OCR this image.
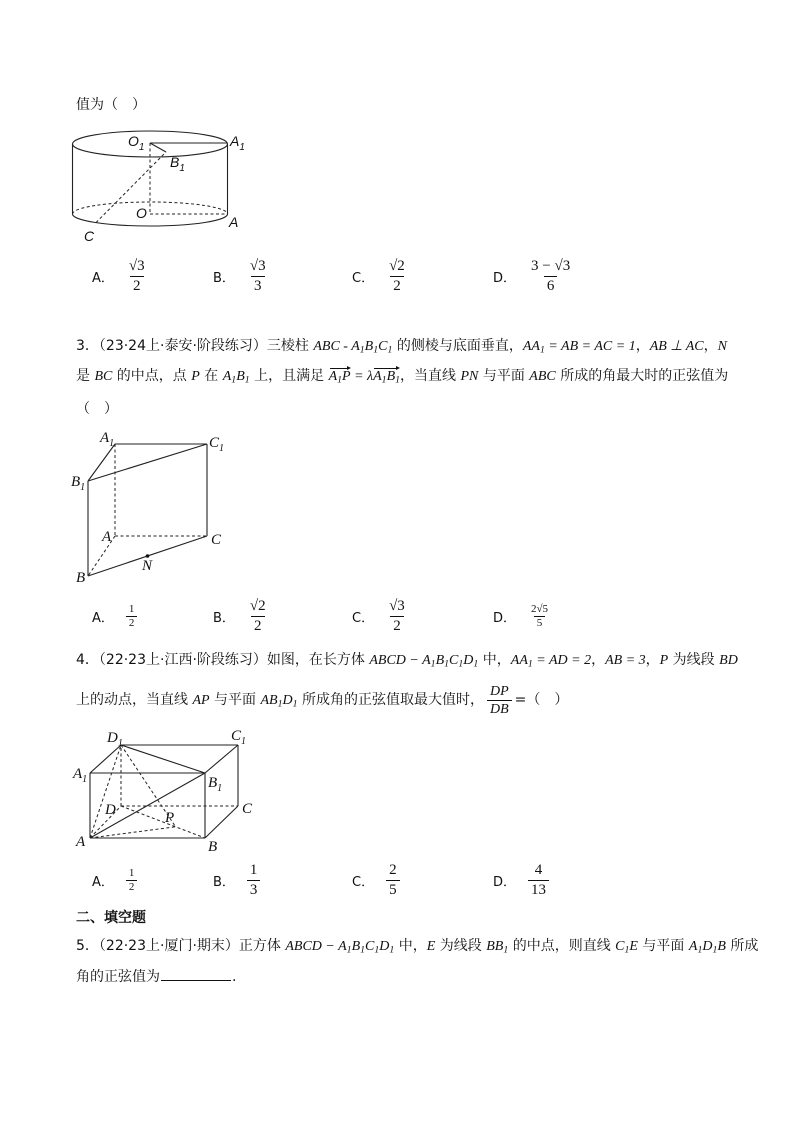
值为（　）
$O_1$	$A_1$
$B_1$
O
A
C
A． $\frac{√3}{2}$	B． $\frac{√3}{3}$	C． $\frac{√2}{2}$	D． $\frac{3 - √3}{6}$
3．（23·24上·泰安·阶段练习）三棱柱 ABC - $A_1B_1C_1$ 的侧棱与底面垂直，$AA_1$ = AB = AC = 1，AB ⊥ AC，N
是 BC 的中点，点 P 在 $A_1B_1$ 上，且满足 $A_1P = \lambda A_1B_1$，当直线 PN 与平面 ABC 所成的角最大时的正弦值为
（　）
$A_1$	$C_1$
$B_1$
A	C
B
N
A． $\frac{1}{2}$	B． $\frac{√2}{2}$	C． $\frac{√3}{2}$	D． $\frac{2√5}{5}$
4．（22·23上·江西·阶段练习）如图，在长方体 ABCD − $A_1B_1C_1D_1$ 中，$AA_1$ = AD = 2，AB = 3，P 为线段 BD
上的动点，当直线 AP 与平面 $AB_1D_1$ 所成角的正弦值取最大值时， $\frac{DP}{DB}$ =（　）
$D_1$	$C_1$
$A_1$	$B_1$
D	C
P
A	B
A． $\frac{1}{2}$	B． $\frac{1}{3}$	C． $\frac{2}{5}$	D． $\frac{4}{13}$
二、填空题
5．（22·23上·厦门·期末）正方体 ABCD − $A_1B_1C_1D_1$ 中，E 为线段 $BB_1$ 的中点，则直线 $C_1E$ 与平面 $A_1D_1B$ 所成
角的正弦值为	.
